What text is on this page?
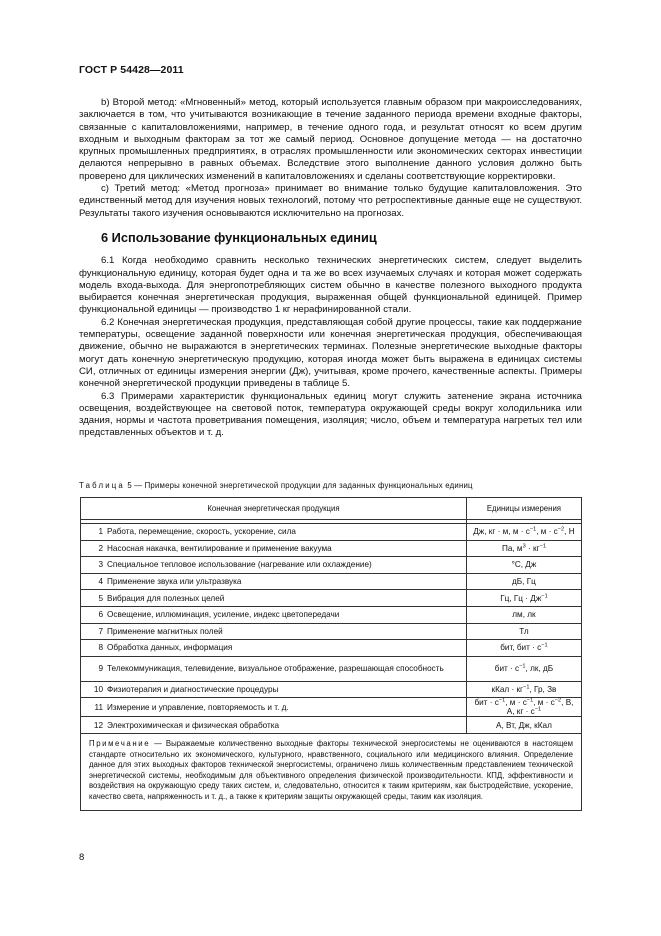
ГОСТ Р 54428—2011

b) Второй метод: «Мгновенный» метод, который используется главным образом при макроисследованиях, заключается в том, что учитываются возникающие в течение заданного периода времени входные факторы, связанные с капиталовложениями, например, в течение одного года, и результат относят ко всем другим входным и выходным факторам за тот же самый период. Основное допущение метода — на достаточно крупных промышленных предприятиях, в отраслях промышленности или экономических секторах инвестиции делаются непрерывно в равных объемах. Вследствие этого выполнение данного условия должно быть проверено для циклических изменений в капиталовложениях и сделаны соответствующие корректировки.

c) Третий метод: «Метод прогноза» принимает во внимание только будущие капиталовложения. Это единственный метод для изучения новых технологий, потому что ретроспективные данные еще не существуют. Результаты такого изучения основываются исключительно на прогнозах.

6 Использование функциональных единиц

6.1 Когда необходимо сравнить несколько технических энергетических систем, следует выделить функциональную единицу, которая будет одна и та же во всех изучаемых случаях и которая может содержать модель входа-выхода. Для энергопотребляющих систем обычно в качестве полезного выходного продукта выбирается конечная энергетическая продукция, выраженная общей функциональной единицей. Пример функциональной единицы — производство 1 кг нерафинированной стали.

6.2 Конечная энергетическая продукция, представляющая собой другие процессы, такие как поддержание температуры, освещение заданной поверхности или конечная энергетическая продукция, обеспечивающая движение, обычно не выражаются в энергетических терминах. Полезные энергетические выходные факторы могут дать конечную энергетическую продукцию, которая иногда может быть выражена в единицах системы СИ, отличных от единицы измерения энергии (Дж), учитывая, кроме прочего, качественные аспекты. Примеры конечной энергетической продукции приведены в таблице 5.

6.3 Примерами характеристик функциональных единиц могут служить затенение экрана источника освещения, воздействующее на световой поток, температура окружающей среды вокруг холодильника или здания, нормы и частота проветривания помещения, изоляция; число, объем и температура нагретых тел или представленных объектов и т. д.

Таблица 5 — Примеры конечной энергетической продукции для заданных функциональных единиц
Конечная энергетическая продукция	Единицы измерения

1 Работа, перемещение, скорость, ускорение, сила	Дж, кг · м, $м \cdot с^{-1}$, $м \cdot с^{-2}$, Н
2 Насосная накачка, вентилирование и применение вакуума	Па, $м^3 \cdot кг^{-1}$
3 Специальное тепловое использование (нагревание или охлаждение)	°С, Дж
4 Применение звука или ультразвука	дБ, Гц
5 Вибрация для полезных целей	Гц, Гц · $Дж^{-1}$
6 Освещение, иллюминация, усиление, индекс цветопередачи	лм, лк
7 Применение магнитных полей	Тл
8 Обработка данных, информация	бит, бит · $с^{-1}$
9 Телекоммуникация, телевидение, визуальное отображение, разрешающая способность	бит · $с^{-1}$, лк, дБ
10 Физиотерапия и диагностические процедуры	кКал · $кг^{-1}$, Гр, Зв
11 Измерение и управление, повторяемость и т. д.	бит · $с^{-1}$, $м \cdot с^{-1}$, $м \cdot с^{-2}$, В, А, кг · $с^{-1}$
12 Электрохимическая и физическая обработка	А, Вт, Дж, кКал
Примечание — Выражаемые количественно выходные факторы технической энергосистемы не оцениваются в настоящем стандарте относительно их экономического, культурного, нравственного, социального или медицинского влияния. Определение данное для этих выходных факторов технической энергосистемы, ограничено лишь количественным представлением технической энергетической системы, необходимым для объективного определения физической производительности. КПД, эффективности и воздействия на окружающую среду таких систем, и, следовательно, относится к таким критериям, как быстродействие, ускорение, качество света, напряженность и т. д., а также к критериям защиты окружающей среды, таким как изоляция.	
8
